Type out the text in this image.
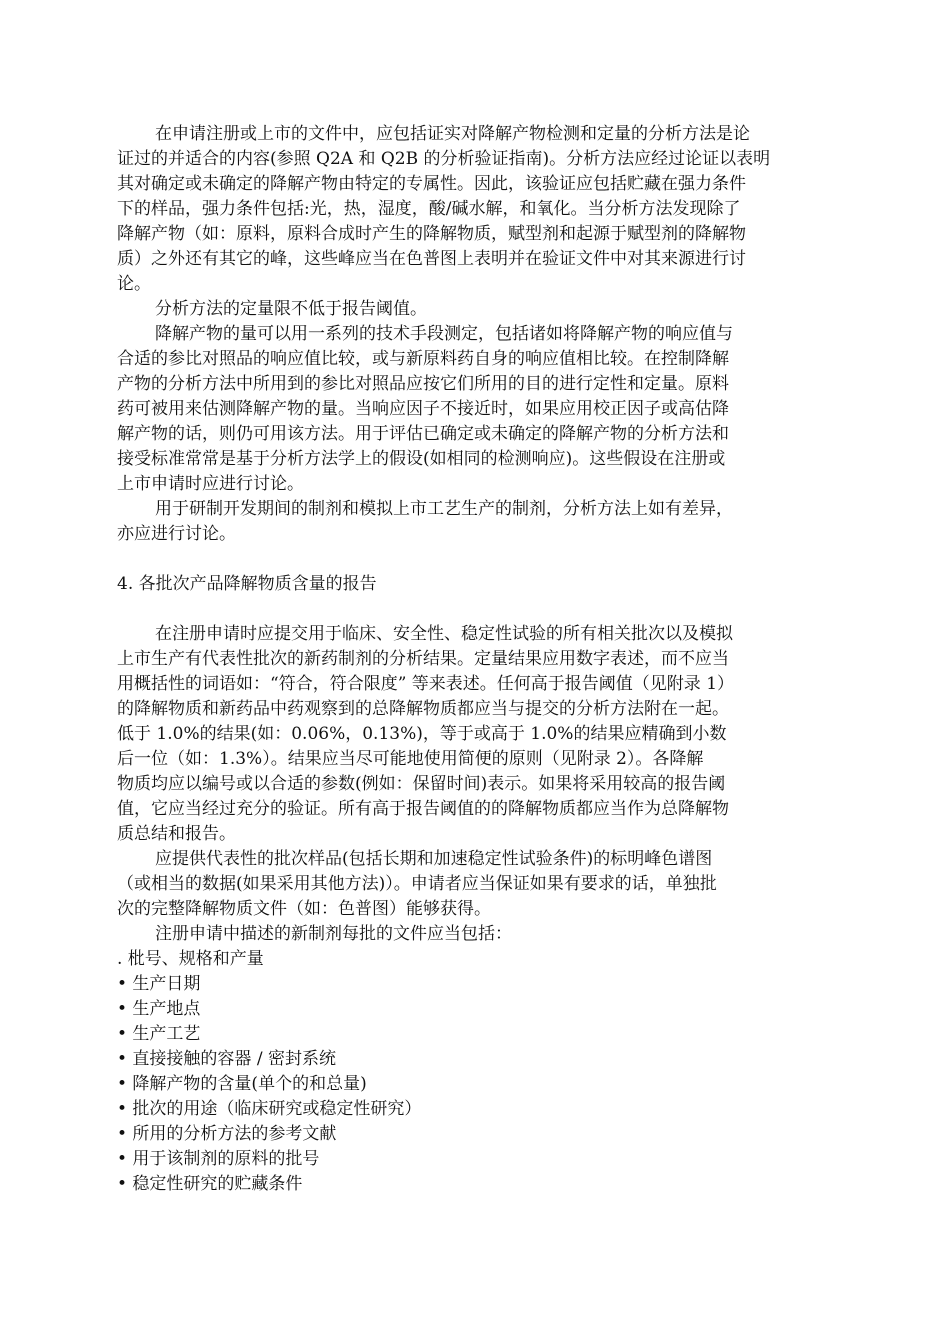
在申请注册或上市的文件中，应包括证实对降解产物检测和定量的分析方法是论
证过的并适合的内容(参照 Q2A 和 Q2B 的分析验证指南)。分析方法应经过论证以表明
其对确定或未确定的降解产物由特定的专属性。因此，该验证应包括贮藏在强力条件
下的样品，强力条件包括:光，热，湿度，酸/碱水解，和氧化。当分析方法发现除了
降解产物（如：原料，原料合成时产生的降解物质，赋型剂和起源于赋型剂的降解物
质）之外还有其它的峰，这些峰应当在色普图上表明并在验证文件中对其来源进行讨
论。
分析方法的定量限不低于报告阈值。
降解产物的量可以用一系列的技术手段测定，包括诸如将降解产物的响应值与
合适的参比对照品的响应值比较，或与新原料药自身的响应值相比较。在控制降解
产物的分析方法中所用到的参比对照品应按它们所用的目的进行定性和定量。原料
药可被用来估测降解产物的量。当响应因子不接近时，如果应用校正因子或高估降
解产物的话，则仍可用该方法。用于评估已确定或未确定的降解产物的分析方法和
接受标准常常是基于分析方法学上的假设(如相同的检测响应)。这些假设在注册或
上市申请时应进行讨论。
用于研制开发期间的制剂和模拟上市工艺生产的制剂，分析方法上如有差异，
亦应进行讨论。
4. 各批次产品降解物质含量的报告
在注册申请时应提交用于临床、安全性、稳定性试验的所有相关批次以及模拟
上市生产有代表性批次的新药制剂的分析结果。定量结果应用数字表述，而不应当
用概括性的词语如：“符合，符合限度” 等来表述。任何高于报告阈值（见附录 1）
的降解物质和新药品中药观察到的总降解物质都应当与提交的分析方法附在一起。
低于 1.0%的结果(如：0.06%，0.13%)，等于或高于 1.0%的结果应精确到小数
后一位（如：1.3%）。结果应当尽可能地使用简便的原则（见附录 2）。各降解
物质均应以编号或以合适的参数(例如：保留时间)表示。如果将采用较高的报告阈
值，它应当经过充分的验证。所有高于报告阈值的的降解物质都应当作为总降解物
质总结和报告。
应提供代表性的批次样品(包括长期和加速稳定性试验条件)的标明峰色谱图
（或相当的数据(如果采用其他方法)）。申请者应当保证如果有要求的话，单独批
次的完整降解物质文件（如：色普图）能够获得。
注册申请中描述的新制剂每批的文件应当包括：
. 枇号、规格和产量
• 生产日期
• 生产地点
• 生产工艺
• 直接接触的容器 / 密封系统
• 降解产物的含量(单个的和总量)
• 批次的用途（临床研究或稳定性研究）
• 所用的分析方法的参考文献
• 用于该制剂的原料的批号
• 稳定性研究的贮藏条件
